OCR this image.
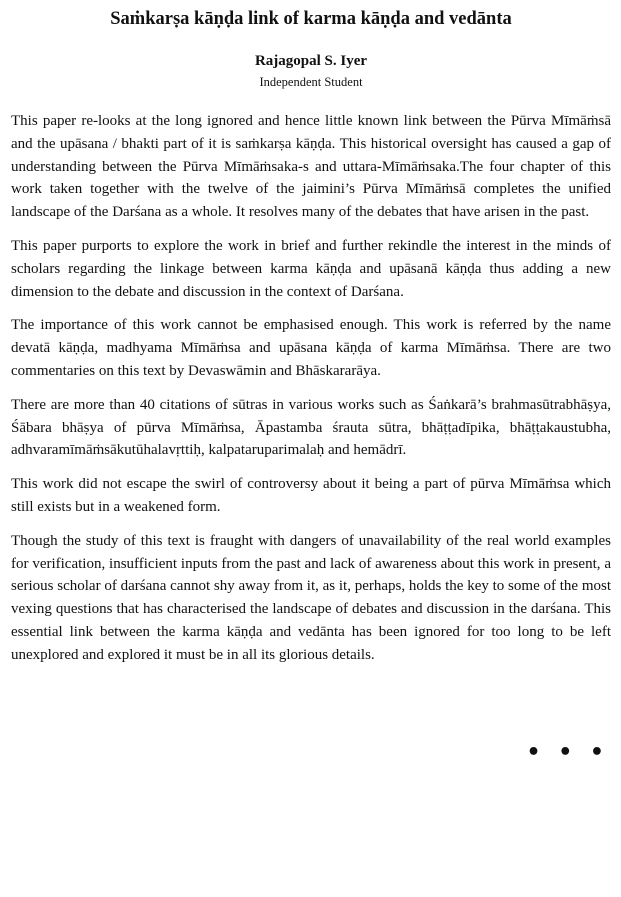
Saṁkarṣa kāṇḍa link of karma kāṇḍa and vedānta

Rajagopal S. Iyer

Independent Student

This paper re-looks at the long ignored and hence little known link between the Pūrva Mīmāṁsā and the upāsana / bhakti part of it is saṁkarṣa kāṇḍa. This historical oversight has caused a gap of understanding between the Pūrva Mīmāṁsaka-s and uttara-Mīmāṁsaka.The four chapter of this work taken together with the twelve of the jaimini’s Pūrva Mīmāṁsā completes the unified landscape of the Darśana as a whole. It resolves many of the debates that have arisen in the past.

This paper purports to explore the work in brief and further rekindle the interest in the minds of scholars regarding the linkage between karma kāṇḍa and upāsanā kāṇḍa thus adding a new dimension to the debate and discussion in the context of Darśana.

The importance of this work cannot be emphasised enough. This work is referred by the name devatā kāṇḍa, madhyama Mīmāṁsa and upāsana kāṇḍa of karma Mīmāṁsa. There are two commentaries on this text by Devaswāmin and Bhāskararāya.

There are more than 40 citations of sūtras in various works such as Śaṅkarā’s brahmasūtrabhāṣya, Śābara bhāṣya of pūrva Mīmāṁsa, Āpastamba śrauta sūtra, bhāṭṭadīpika, bhāṭṭakaustubha, adhvaramīmāṁsākutūhalavṛttiḥ, kalpataruparimalaḥ and hemādrī.

This work did not escape the swirl of controversy about it being a part of pūrva Mīmāṁsa which still exists but in a weakened form.

Though the study of this text is fraught with dangers of unavailability of the real world examples for verification, insufficient inputs from the past and lack of awareness about this work in present, a serious scholar of darśana cannot shy away from it, as it, perhaps, holds the key to some of the most vexing questions that has characterised the landscape of debates and discussion in the darśana. This essential link between the karma kāṇḍa and vedānta has been ignored for too long to be left unexplored and explored it must be in all its glorious details.

• • •
